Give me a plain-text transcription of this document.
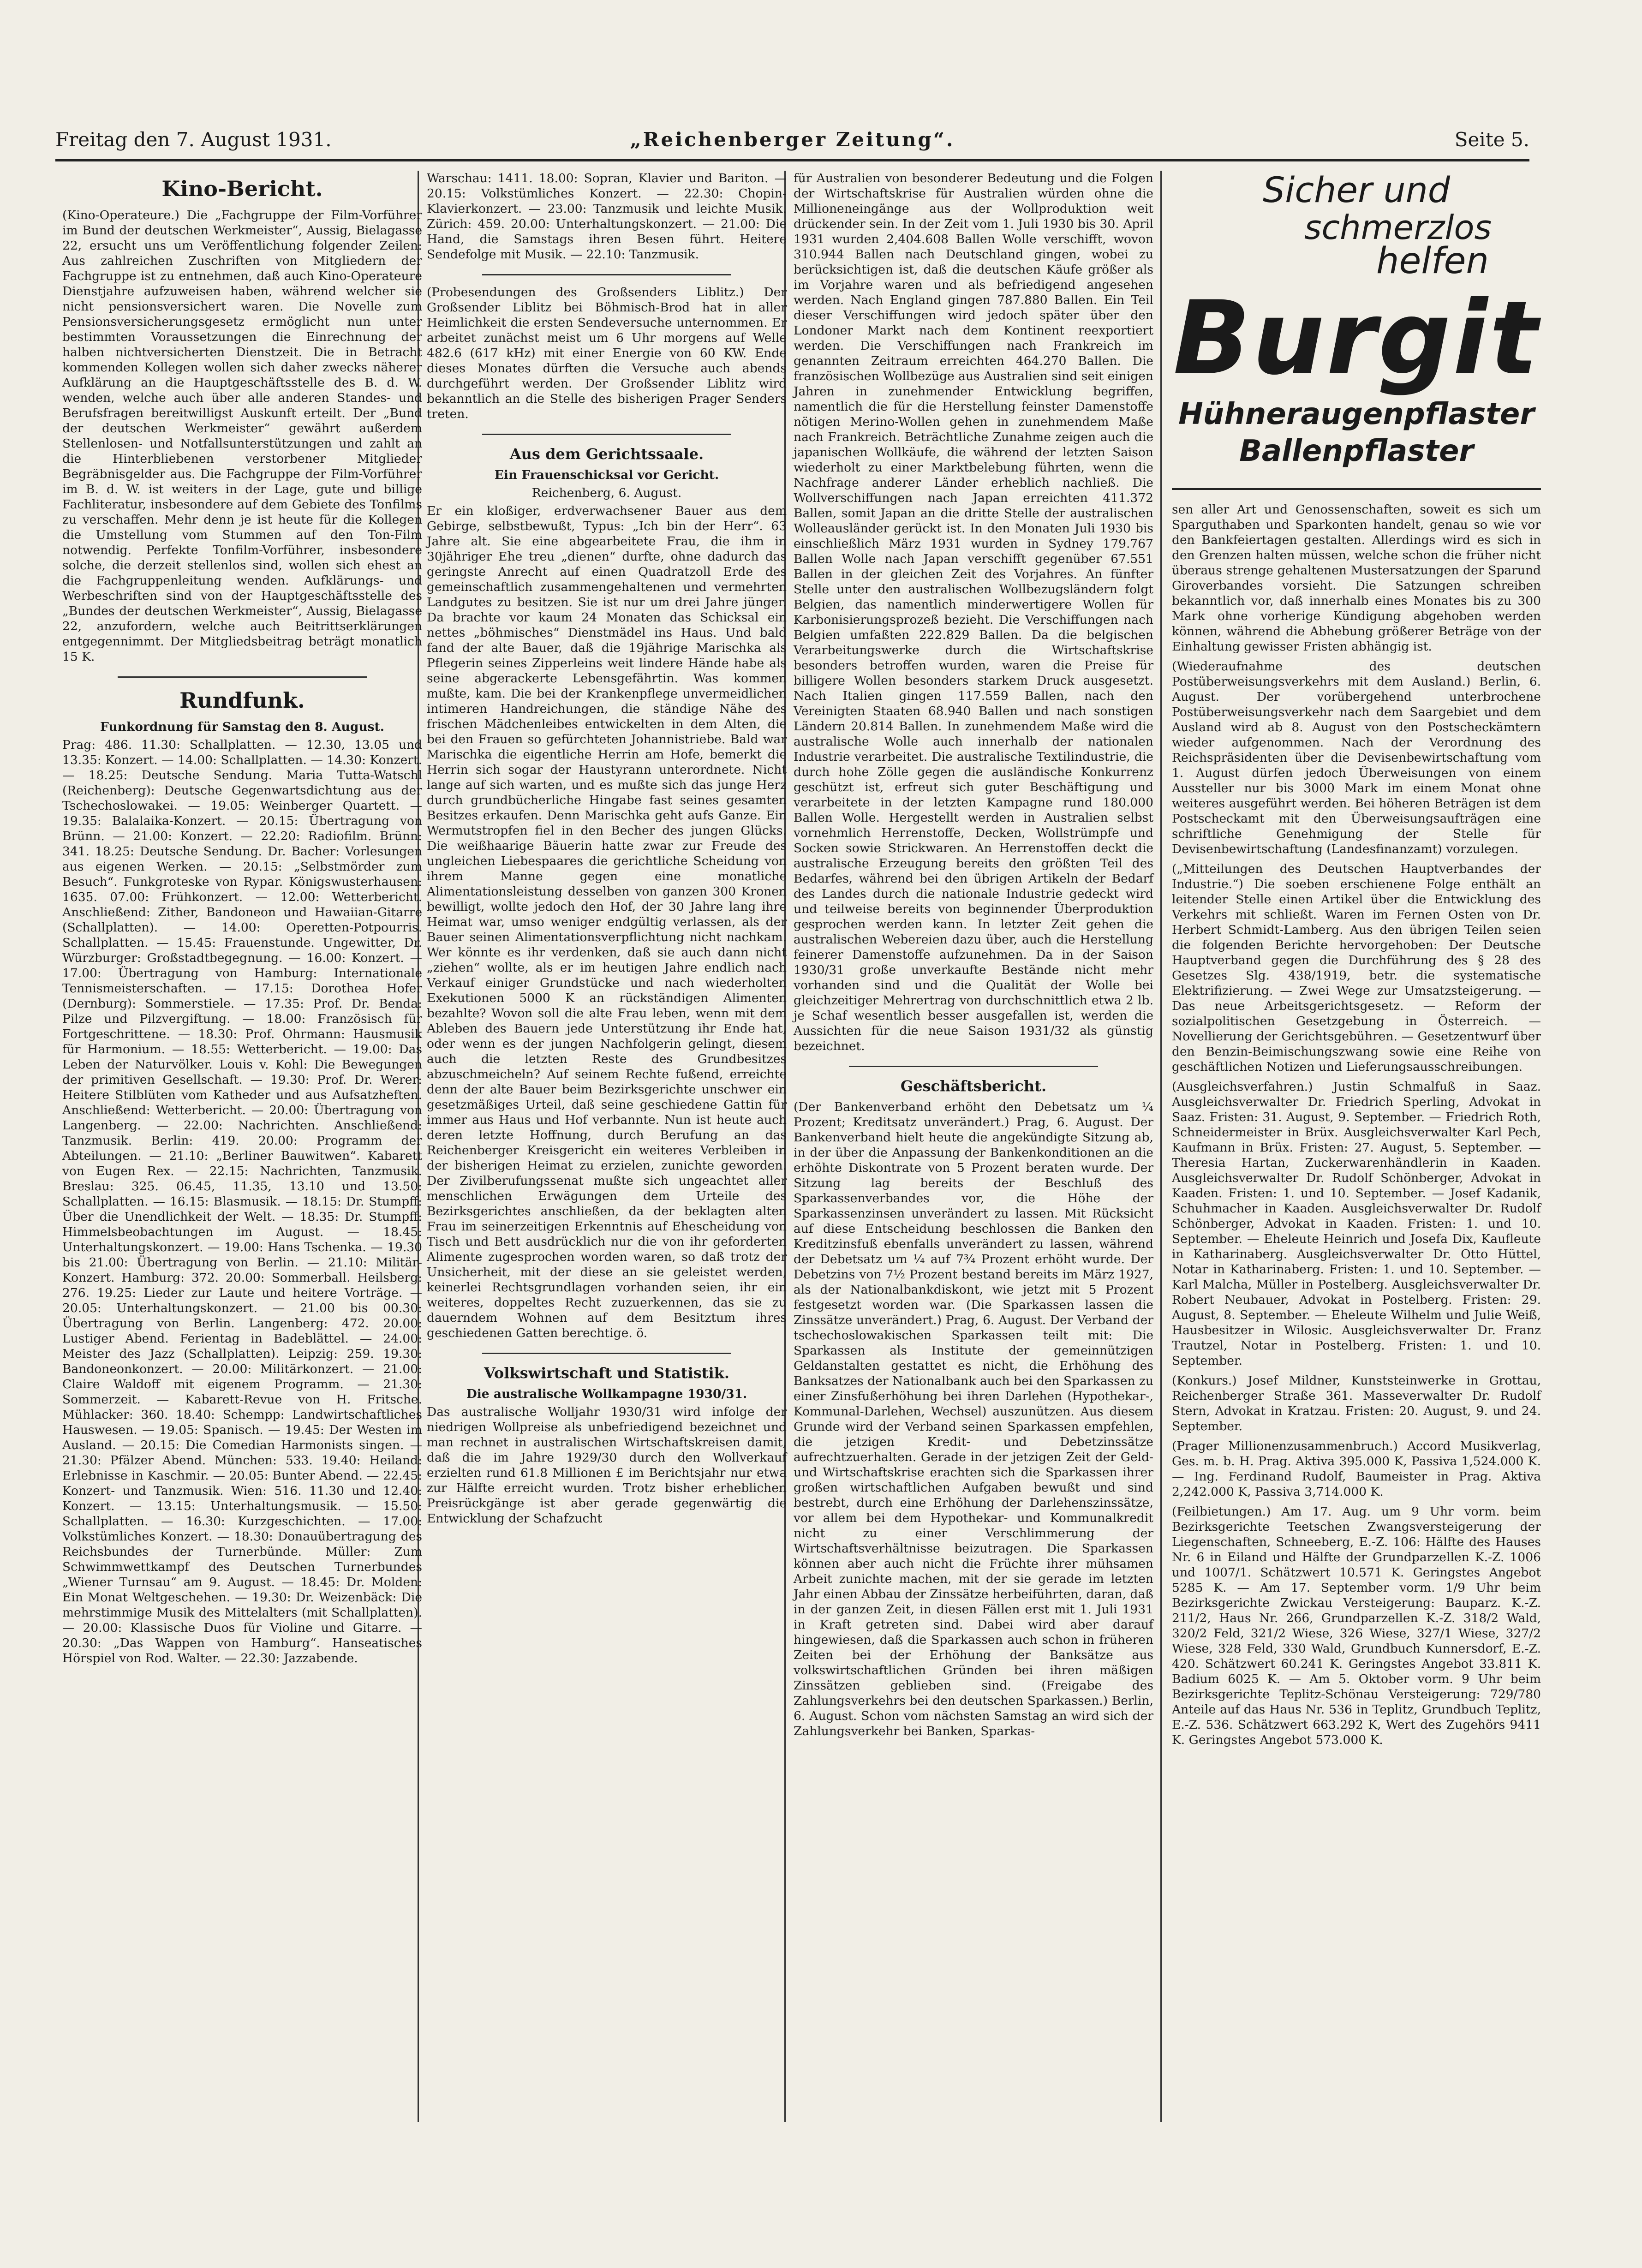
Freitag den 7. August 1931.	„Reichenberger Zeitung“.	Seite 5.
Kino-Bericht.

(Kino-Operateure.) Die „Fachgruppe der Film-Vorführer im Bund der deutschen Werkmeister“, Aussig, Bielagasse 22, ersucht uns um Veröffentlichung folgender Zeilen: Aus zahlreichen Zuschriften von Mitgliedern der Fachgruppe ist zu entnehmen, daß auch Kino-Operateure Dienstjahre aufzuweisen haben, während welcher sie nicht pensionsversichert waren. Die Novelle zum Pensionsversicherungsgesetz ermöglicht nun unter bestimmten Voraussetzungen die Einrechnung der halben nichtversicherten Dienstzeit. Die in Betracht kommenden Kollegen wollen sich daher zwecks näherer Aufklärung an die Hauptgeschäftsstelle des B. d. W. wenden, welche auch über alle anderen Standes- und Berufsfragen bereitwilligst Auskunft erteilt. Der „Bund der deutschen Werkmeister“ gewährt außerdem Stellenlosen- und Notfallsunterstützungen und zahlt an die Hinterbliebenen verstorbener Mitglieder Begräbnisgelder aus. Die Fachgruppe der Film-Vorführer im B. d. W. ist weiters in der Lage, gute und billige Fachliteratur, insbesondere auf dem Gebiete des Tonfilms zu verschaffen. Mehr denn je ist heute für die Kollegen die Umstellung vom Stummen auf den Ton-Film notwendig. Perfekte Tonfilm-Vorführer, insbesondere solche, die derzeit stellenlos sind, wollen sich ehest an die Fachgruppenleitung wenden. Aufklärungs- und Werbeschriften sind von der Hauptgeschäftsstelle des „Bundes der deutschen Werkmeister“, Aussig, Bielagasse 22, anzufordern, welche auch Beitrittserklärungen entgegennimmt. Der Mitgliedsbeitrag beträgt monatlich 15 K.

Rundfunk.
Funkordnung für Samstag den 8. August.

Prag: 486. 11.30: Schallplatten. — 12.30, 13.05 und 13.35: Konzert. — 14.00: Schallplatten. — 14.30: Konzert. — 18.25: Deutsche Sendung. Maria Tutta-Watschl (Reichenberg): Deutsche Gegenwartsdichtung aus der Tschechoslowakei. — 19.05: Weinberger Quartett. — 19.35: Balalaika-Konzert. — 20.15: Übertragung von Brünn. — 21.00: Konzert. — 22.20: Radiofilm. Brünn: 341. 18.25: Deutsche Sendung. Dr. Bacher: Vorlesungen aus eigenen Werken. — 20.15: „Selbstmörder zum Besuch“. Funkgroteske von Rypar. Königswusterhausen: 1635. 07.00: Frühkonzert. — 12.00: Wetterbericht. Anschließend: Zither, Bandoneon und Hawaiian-Gitarre (Schallplatten). — 14.00: Operetten-Potpourris. Schallplatten. — 15.45: Frauenstunde. Ungewitter, Dr. Würzburger: Großstadtbegegnung. — 16.00: Konzert. — 17.00: Übertragung von Hamburg: Internationale Tennismeisterschaften. — 17.15: Dorothea Hofer (Dernburg): Sommerstiele. — 17.35: Prof. Dr. Benda: Pilze und Pilzvergiftung. — 18.00: Französisch für Fortgeschrittene. — 18.30: Prof. Ohrmann: Hausmusik für Harmonium. — 18.55: Wetterbericht. — 19.00: Das Leben der Naturvölker. Louis v. Kohl: Die Bewegungen der primitiven Gesellschaft. — 19.30: Prof. Dr. Werer: Heitere Stilblüten vom Katheder und aus Aufsatzheften. Anschließend: Wetterbericht. — 20.00: Übertragung von Langenberg. — 22.00: Nachrichten. Anschließend: Tanzmusik. Berlin: 419. 20.00: Programm der Abteilungen. — 21.10: „Berliner Bauwitwen“. Kabarett von Eugen Rex. — 22.15: Nachrichten, Tanzmusik. Breslau: 325. 06.45, 11.35, 13.10 und 13.50: Schallplatten. — 16.15: Blasmusik. — 18.15: Dr. Stumpff: Über die Unendlichkeit der Welt. — 18.35: Dr. Stumpff: Himmelsbeobachtungen im August. — 18.45: Unterhaltungskonzert. — 19.00: Hans Tschenka. — 19.30 bis 21.00: Übertragung von Berlin. — 21.10: Militär-Konzert. Hamburg: 372. 20.00: Sommerball. Heilsberg: 276. 19.25: Lieder zur Laute und heitere Vorträge. — 20.05: Unterhaltungskonzert. — 21.00 bis 00.30: Übertragung von Berlin. Langenberg: 472. 20.00: Lustiger Abend. Ferientag in Badeblättel. — 24.00: Meister des Jazz (Schallplatten). Leipzig: 259. 19.30: Bandoneonkonzert. — 20.00: Militärkonzert. — 21.00: Claire Waldoff mit eigenem Programm. — 21.30: Sommerzeit. — Kabarett-Revue von H. Fritsche. Mühlacker: 360. 18.40: Schempp: Landwirtschaftliches Hauswesen. — 19.05: Spanisch. — 19.45: Der Westen im Ausland. — 20.15: Die Comedian Harmonists singen. — 21.30: Pfälzer Abend. München: 533. 19.40: Heiland: Erlebnisse in Kaschmir. — 20.05: Bunter Abend. — 22.45: Konzert- und Tanzmusik. Wien: 516. 11.30 und 12.40: Konzert. — 13.15: Unterhaltungsmusik. — 15.50: Schallplatten. — 16.30: Kurzgeschichten. — 17.00: Volkstümliches Konzert. — 18.30: Donauübertragung des Reichsbundes der Turnerbünde. Müller: Zum Schwimmwettkampf des Deutschen Turnerbundes „Wiener Turnsau“ am 9. August. — 18.45: Dr. Molden: Ein Monat Weltgeschehen. — 19.30: Dr. Weizenbäck: Die mehrstimmige Musik des Mittelalters (mit Schallplatten). — 20.00: Klassische Duos für Violine und Gitarre. — 20.30: „Das Wappen von Hamburg“. Hanseatisches Hörspiel von Rod. Walter. — 22.30: Jazzabende.

Warschau: 1411. 18.00: Sopran, Klavier und Bariton. — 20.15: Volkstümliches Konzert. — 22.30: Chopin-Klavierkonzert. — 23.00: Tanzmusik und leichte Musik. Zürich: 459. 20.00: Unterhaltungskonzert. — 21.00: Die Hand, die Samstags ihren Besen führt. Heitere Sendefolge mit Musik. — 22.10: Tanzmusik.

(Probesendungen des Großsenders Liblitz.) Der Großsender Liblitz bei Böhmisch-Brod hat in aller Heimlichkeit die ersten Sendeversuche unternommen. Er arbeitet zunächst meist um 6 Uhr morgens auf Welle 482.6 (617 kHz) mit einer Energie von 60 KW. Ende dieses Monates dürften die Versuche auch abends durchgeführt werden. Der Großsender Liblitz wird bekanntlich an die Stelle des bisherigen Prager Senders treten.

Aus dem Gerichtssaale.
Ein Frauenschicksal vor Gericht.
Reichenberg, 6. August.

Er ein kloßiger, erdverwachsener Bauer aus dem Gebirge, selbstbewußt, Typus: „Ich bin der Herr“. 63 Jahre alt. Sie eine abgearbeitete Frau, die ihm in 30jähriger Ehe treu „dienen“ durfte, ohne dadurch das geringste Anrecht auf einen Quadratzoll Erde des gemeinschaftlich zusammengehaltenen und vermehrten Landgutes zu besitzen. Sie ist nur um drei Jahre jünger. Da brachte vor kaum 24 Monaten das Schicksal ein nettes „böhmisches“ Dienstmädel ins Haus. Und bald fand der alte Bauer, daß die 19jährige Marischka als Pflegerin seines Zipperleins weit lindere Hände habe als seine abgerackerte Lebensgefährtin. Was kommen mußte, kam. Die bei der Krankenpflege unvermeidlichen intimeren Handreichungen, die ständige Nähe des frischen Mädchenleibes entwickelten in dem Alten, die bei den Frauen so gefürchteten Johannistriebe. Bald war Marischka die eigentliche Herrin am Hofe, bemerkt die Herrin sich sogar der Haustyrann unterordnete. Nicht lange auf sich warten, und es mußte sich das junge Herz durch grundbücherliche Hingabe fast seines gesamten Besitzes erkaufen. Denn Marischka geht aufs Ganze. Ein Wermutstropfen fiel in den Becher des jungen Glücks. Die weißhaarige Bäuerin hatte zwar zur Freude des ungleichen Liebespaares die gerichtliche Scheidung von ihrem Manne gegen eine monatliche Alimentationsleistung desselben von ganzen 300 Kronen bewilligt, wollte jedoch den Hof, der 30 Jahre lang ihre Heimat war, umso weniger endgültig verlassen, als der Bauer seinen Alimentationsverpflichtung nicht nachkam. Wer könnte es ihr verdenken, daß sie auch dann nicht „ziehen“ wollte, als er im heutigen Jahre endlich nach Verkauf einiger Grundstücke und nach wiederholten Exekutionen 5000 K an rückständigen Alimenten bezahlte? Wovon soll die alte Frau leben, wenn mit dem Ableben des Bauern jede Unterstützung ihr Ende hat, oder wenn es der jungen Nachfolgerin gelingt, diesem auch die letzten Reste des Grundbesitzes abzuschmeicheln? Auf seinem Rechte fußend, erreichte denn der alte Bauer beim Bezirksgerichte unschwer ein gesetzmäßiges Urteil, daß seine geschiedene Gattin für immer aus Haus und Hof verbannte. Nun ist heute auch deren letzte Hoffnung, durch Berufung an das Reichenberger Kreisgericht ein weiteres Verbleiben in der bisherigen Heimat zu erzielen, zunichte geworden. Der Zivilberufungssenat mußte sich ungeachtet aller menschlichen Erwägungen dem Urteile des Bezirksgerichtes anschließen, da der beklagten alten Frau im seinerzeitigen Erkenntnis auf Ehescheidung von Tisch und Bett ausdrücklich nur die von ihr geforderten Alimente zugesprochen worden waren, so daß trotz der Unsicherheit, mit der diese an sie geleistet werden, keinerlei Rechtsgrundlagen vorhanden seien, ihr ein weiteres, doppeltes Recht zuzuerkennen, das sie zu dauerndem Wohnen auf dem Besitztum ihres geschiedenen Gatten berechtige. ö.

Volkswirtschaft und Statistik.
Die australische Wollkampagne 1930/31.

Das australische Wolljahr 1930/31 wird infolge der niedrigen Wollpreise als unbefriedigend bezeichnet und man rechnet in australischen Wirtschaftskreisen damit, daß die im Jahre 1929/30 durch den Wollverkauf erzielten rund 61.8 Millionen £ im Berichtsjahr nur etwa zur Hälfte erreicht wurden. Trotz bisher erheblichen Preisrückgänge ist aber gerade gegenwärtig die Entwicklung der Schafzucht

für Australien von besonderer Bedeutung und die Folgen der Wirtschaftskrise für Australien würden ohne die Millioneneingänge aus der Wollproduktion weit drückender sein. In der Zeit vom 1. Juli 1930 bis 30. April 1931 wurden 2,404.608 Ballen Wolle verschifft, wovon 310.944 Ballen nach Deutschland gingen, wobei zu berücksichtigen ist, daß die deutschen Käufe größer als im Vorjahre waren und als befriedigend angesehen werden. Nach England gingen 787.880 Ballen. Ein Teil dieser Verschiffungen wird jedoch später über den Londoner Markt nach dem Kontinent reexportiert werden. Die Verschiffungen nach Frankreich im genannten Zeitraum erreichten 464.270 Ballen. Die französischen Wollbezüge aus Australien sind seit einigen Jahren in zunehmender Entwicklung begriffen, namentlich die für die Herstellung feinster Damenstoffe nötigen Merino-Wollen gehen in zunehmendem Maße nach Frankreich. Beträchtliche Zunahme zeigen auch die japanischen Wollkäufe, die während der letzten Saison wiederholt zu einer Marktbelebung führten, wenn die Nachfrage anderer Länder erheblich nachließ. Die Wollverschiffungen nach Japan erreichten 411.372 Ballen, somit Japan an die dritte Stelle der australischen Wolleausländer gerückt ist. In den Monaten Juli 1930 bis einschließlich März 1931 wurden in Sydney 179.767 Ballen Wolle nach Japan verschifft gegenüber 67.551 Ballen in der gleichen Zeit des Vorjahres. An fünfter Stelle unter den australischen Wollbezugsländern folgt Belgien, das namentlich minderwertigere Wollen für Karbonisierungsprozeß bezieht. Die Verschiffungen nach Belgien umfaßten 222.829 Ballen. Da die belgischen Verarbeitungswerke durch die Wirtschaftskrise besonders betroffen wurden, waren die Preise für billigere Wollen besonders starkem Druck ausgesetzt. Nach Italien gingen 117.559 Ballen, nach den Vereinigten Staaten 68.940 Ballen und nach sonstigen Ländern 20.814 Ballen. In zunehmendem Maße wird die australische Wolle auch innerhalb der nationalen Industrie verarbeitet. Die australische Textilindustrie, die durch hohe Zölle gegen die ausländische Konkurrenz geschützt ist, erfreut sich guter Beschäftigung und verarbeitete in der letzten Kampagne rund 180.000 Ballen Wolle. Hergestellt werden in Australien selbst vornehmlich Herrenstoffe, Decken, Wollstrümpfe und Socken sowie Strickwaren. An Herrenstoffen deckt die australische Erzeugung bereits den größten Teil des Bedarfes, während bei den übrigen Artikeln der Bedarf des Landes durch die nationale Industrie gedeckt wird und teilweise bereits von beginnender Überproduktion gesprochen werden kann. In letzter Zeit gehen die australischen Webereien dazu über, auch die Herstellung feinerer Damenstoffe aufzunehmen. Da in der Saison 1930/31 große unverkaufte Bestände nicht mehr vorhanden sind und die Qualität der Wolle bei gleichzeitiger Mehrertrag von durchschnittlich etwa 2 lb. je Schaf wesentlich besser ausgefallen ist, werden die Aussichten für die neue Saison 1931/32 als günstig bezeichnet.

Geschäftsbericht.

(Der Bankenverband erhöht den Debetsatz um ¼ Prozent; Kreditsatz unverändert.) Prag, 6. August. Der Bankenverband hielt heute die angekündigte Sitzung ab, in der über die Anpassung der Bankenkonditionen an die erhöhte Diskontrate von 5 Prozent beraten wurde. Der Sitzung lag bereits der Beschluß des Sparkassenverbandes vor, die Höhe der Sparkassenzinsen unverändert zu lassen. Mit Rücksicht auf diese Entscheidung beschlossen die Banken den Kreditzinsfuß ebenfalls unverändert zu lassen, während der Debetsatz um ¼ auf 7¾ Prozent erhöht wurde. Der Debetzins von 7½ Prozent bestand bereits im März 1927, als der Nationalbankdiskont, wie jetzt mit 5 Prozent festgesetzt worden war. (Die Sparkassen lassen die Zinssätze unverändert.) Prag, 6. August. Der Verband der tschechoslowakischen Sparkassen teilt mit: Die Sparkassen als Institute der gemeinnützigen Geldanstalten gestattet es nicht, die Erhöhung des Banksatzes der Nationalbank auch bei den Sparkassen zu einer Zinsfußerhöhung bei ihren Darlehen (Hypothekar-, Kommunal-Darlehen, Wechsel) auszunützen. Aus diesem Grunde wird der Verband seinen Sparkassen empfehlen, die jetzigen Kredit- und Debetzinssätze aufrechtzuerhalten. Gerade in der jetzigen Zeit der Geld- und Wirtschaftskrise erachten sich die Sparkassen ihrer großen wirtschaftlichen Aufgaben bewußt und sind bestrebt, durch eine Erhöhung der Darlehenszinssätze, vor allem bei dem Hypothekar- und Kommunalkredit nicht zu einer Verschlimmerung der Wirtschaftsverhältnisse beizutragen. Die Sparkassen können aber auch nicht die Früchte ihrer mühsamen Arbeit zunichte machen, mit der sie gerade im letzten Jahr einen Abbau der Zinssätze herbeiführten, daran, daß in der ganzen Zeit, in diesen Fällen erst mit 1. Juli 1931 in Kraft getreten sind. Dabei wird aber darauf hingewiesen, daß die Sparkassen auch schon in früheren Zeiten bei der Erhöhung der Banksätze aus volkswirtschaftlichen Gründen bei ihren mäßigen Zinssätzen geblieben sind. (Freigabe des Zahlungsverkehrs bei den deutschen Sparkassen.) Berlin, 6. August. Schon vom nächsten Samstag an wird sich der Zahlungsverkehr bei Banken, Sparkas-

Sicher und
schmerzlos
helfen
Burgit
Hühneraugenpflaster
Ballenpflaster

sen aller Art und Genossenschaften, soweit es sich um Sparguthaben und Sparkonten handelt, genau so wie vor den Bankfeiertagen gestalten. Allerdings wird es sich in den Grenzen halten müssen, welche schon die früher nicht überaus strenge gehaltenen Mustersatzungen der Sparund Giroverbandes vorsieht. Die Satzungen schreiben bekanntlich vor, daß innerhalb eines Monates bis zu 300 Mark ohne vorherige Kündigung abgehoben werden können, während die Abhebung größerer Beträge von der Einhaltung gewisser Fristen abhängig ist.

(Wiederaufnahme des deutschen Postüberweisungsverkehrs mit dem Ausland.) Berlin, 6. August. Der vorübergehend unterbrochene Postüberweisungsverkehr nach dem Saargebiet und dem Ausland wird ab 8. August von den Postscheckämtern wieder aufgenommen. Nach der Verordnung des Reichspräsidenten über die Devisenbewirtschaftung vom 1. August dürfen jedoch Überweisungen von einem Aussteller nur bis 3000 Mark im einem Monat ohne weiteres ausgeführt werden. Bei höheren Beträgen ist dem Postscheckamt mit den Überweisungsaufträgen eine schriftliche Genehmigung der Stelle für Devisenbewirtschaftung (Landesfinanzamt) vorzulegen.

(„Mitteilungen des Deutschen Hauptverbandes der Industrie.“) Die soeben erschienene Folge enthält an leitender Stelle einen Artikel über die Entwicklung des Verkehrs mit schließt. Waren im Fernen Osten von Dr. Herbert Schmidt-Lamberg. Aus den übrigen Teilen seien die folgenden Berichte hervorgehoben: Der Deutsche Hauptverband gegen die Durchführung des § 28 des Gesetzes Slg. 438/1919, betr. die systematische Elektrifizierung. — Zwei Wege zur Umsatzsteigerung. — Das neue Arbeitsgerichtsgesetz. — Reform der sozialpolitischen Gesetzgebung in Österreich. — Novellierung der Gerichtsgebühren. — Gesetzentwurf über den Benzin-Beimischungszwang sowie eine Reihe von geschäftlichen Notizen und Lieferungsausschreibungen.

(Ausgleichsverfahren.) Justin Schmalfuß in Saaz. Ausgleichsverwalter Dr. Friedrich Sperling, Advokat in Saaz. Fristen: 31. August, 9. September. — Friedrich Roth, Schneidermeister in Brüx. Ausgleichsverwalter Karl Pech, Kaufmann in Brüx. Fristen: 27. August, 5. September. — Theresia Hartan, Zuckerwarenhändlerin in Kaaden. Ausgleichsverwalter Dr. Rudolf Schönberger, Advokat in Kaaden. Fristen: 1. und 10. September. — Josef Kadanik, Schuhmacher in Kaaden. Ausgleichsverwalter Dr. Rudolf Schönberger, Advokat in Kaaden. Fristen: 1. und 10. September. — Eheleute Heinrich und Josefa Dix, Kaufleute in Katharinaberg. Ausgleichsverwalter Dr. Otto Hüttel, Notar in Katharinaberg. Fristen: 1. und 10. September. — Karl Malcha, Müller in Postelberg. Ausgleichsverwalter Dr. Robert Neubauer, Advokat in Postelberg. Fristen: 29. August, 8. September. — Eheleute Wilhelm und Julie Weiß, Hausbesitzer in Wilosic. Ausgleichsverwalter Dr. Franz Trautzel, Notar in Postelberg. Fristen: 1. und 10. September.

(Konkurs.) Josef Mildner, Kunststeinwerke in Grottau, Reichenberger Straße 361. Masseverwalter Dr. Rudolf Stern, Advokat in Kratzau. Fristen: 20. August, 9. und 24. September.

(Prager Millionenzusammenbruch.) Accord Musikverlag, Ges. m. b. H. Prag. Aktiva 395.000 K, Passiva 1,524.000 K. — Ing. Ferdinand Rudolf, Baumeister in Prag. Aktiva 2,242.000 K, Passiva 3,714.000 K.

(Feilbietungen.) Am 17. Aug. um 9 Uhr vorm. beim Bezirksgerichte Teetschen Zwangsversteigerung der Liegenschaften, Schneeberg, E.-Z. 106: Hälfte des Hauses Nr. 6 in Eiland und Hälfte der Grundparzellen K.-Z. 1006 und 1007/1. Schätzwert 10.571 K. Geringstes Angebot 5285 K. — Am 17. September vorm. 1/9 Uhr beim Bezirksgerichte Zwickau Versteigerung: Bauparz. K.-Z. 211/2, Haus Nr. 266, Grundparzellen K.-Z. 318/2 Wald, 320/2 Feld, 321/2 Wiese, 326 Wiese, 327/1 Wiese, 327/2 Wiese, 328 Feld, 330 Wald, Grundbuch Kunnersdorf, E.-Z. 420. Schätzwert 60.241 K. Geringstes Angebot 33.811 K. Badium 6025 K. — Am 5. Oktober vorm. 9 Uhr beim Bezirksgerichte Teplitz-Schönau Versteigerung: 729/780 Anteile auf das Haus Nr. 536 in Teplitz, Grundbuch Teplitz, E.-Z. 536. Schätzwert 663.292 K, Wert des Zugehörs 9411 K. Geringstes Angebot 573.000 K.
